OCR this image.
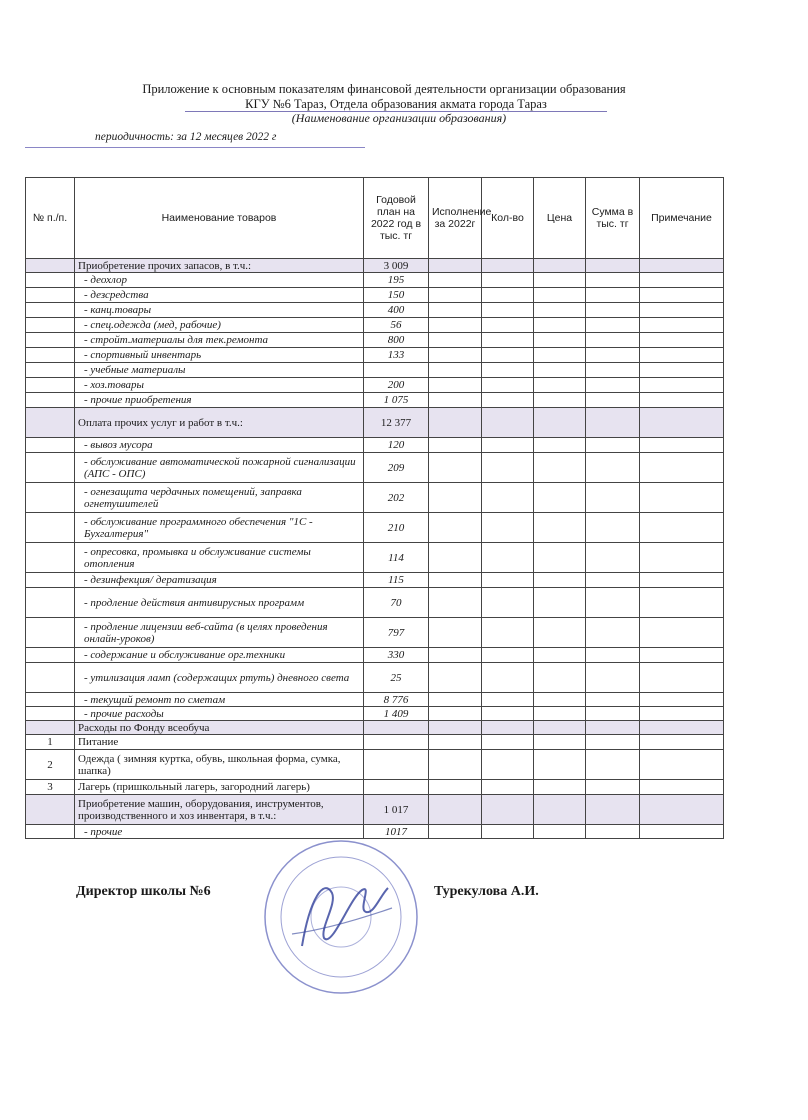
Приложение к основным показателям финансовой деятельности организации образования
КГУ №6 Тараз, Отдела образования акмата города Тараз
(Наименование организации образования)
периодичность: за 12 месяцев 2022 г
№ п./п.	Наименование товаров	Годовой план на 2022 год в тыс. тг	Исполнение за 2022г	Кол-во	Цена	Сумма в тыс. тг	Примечание
	Приобретение прочих запасов, в т.ч.:	3 009					
	- деохлор	195					
	- дезсредства	150					
	- канц.товары	400					
	- спец.одежда (мед, рабочие)	56					
	- стройт.материалы для тек.ремонта	800					
	- спортивный инвентарь	133					
	- учебные материалы						
	- хоз.товары	200					
	- прочие приобретения	1 075					
	Оплата прочих услуг и работ в т.ч.:	12 377					
	- вывоз мусора	120					
	- обслуживание автоматической пожарной сигнализации (АПС - ОПС)	209					
	- огнезащита чердачных помещений, заправка огнетушителей	202					
	- обслуживание программного обеспечения "1С - Бухгалтерия"	210					
	- опресовка, промывка и обслуживание системы отопления	114					
	- дезинфекция/ дератизация	115					
	- продление действия антивирусных программ	70					
	- продление лицензии веб-сайта (в целях проведения онлайн-уроков)	797					
	- содержание и обслуживание орг.техники	330					
	- утилизация ламп (содержащих ртуть) дневного света	25					
	- текущий ремонт по сметам	8 776					
	- прочие расходы	1 409					
	Расходы по Фонду всеобуча						
1	Питание						
2	Одежда ( зимняя куртка, обувь, школьная форма, сумка, шапка)						
3	Лагерь (пришкольный лагерь, загородний лагерь)						
	Приобретение машин, оборудования, инструментов, производственного и хоз инвентаря, в т.ч.:	1 017					
	- прочие	1017					
Директор школы №6	Турекулова А.И.
